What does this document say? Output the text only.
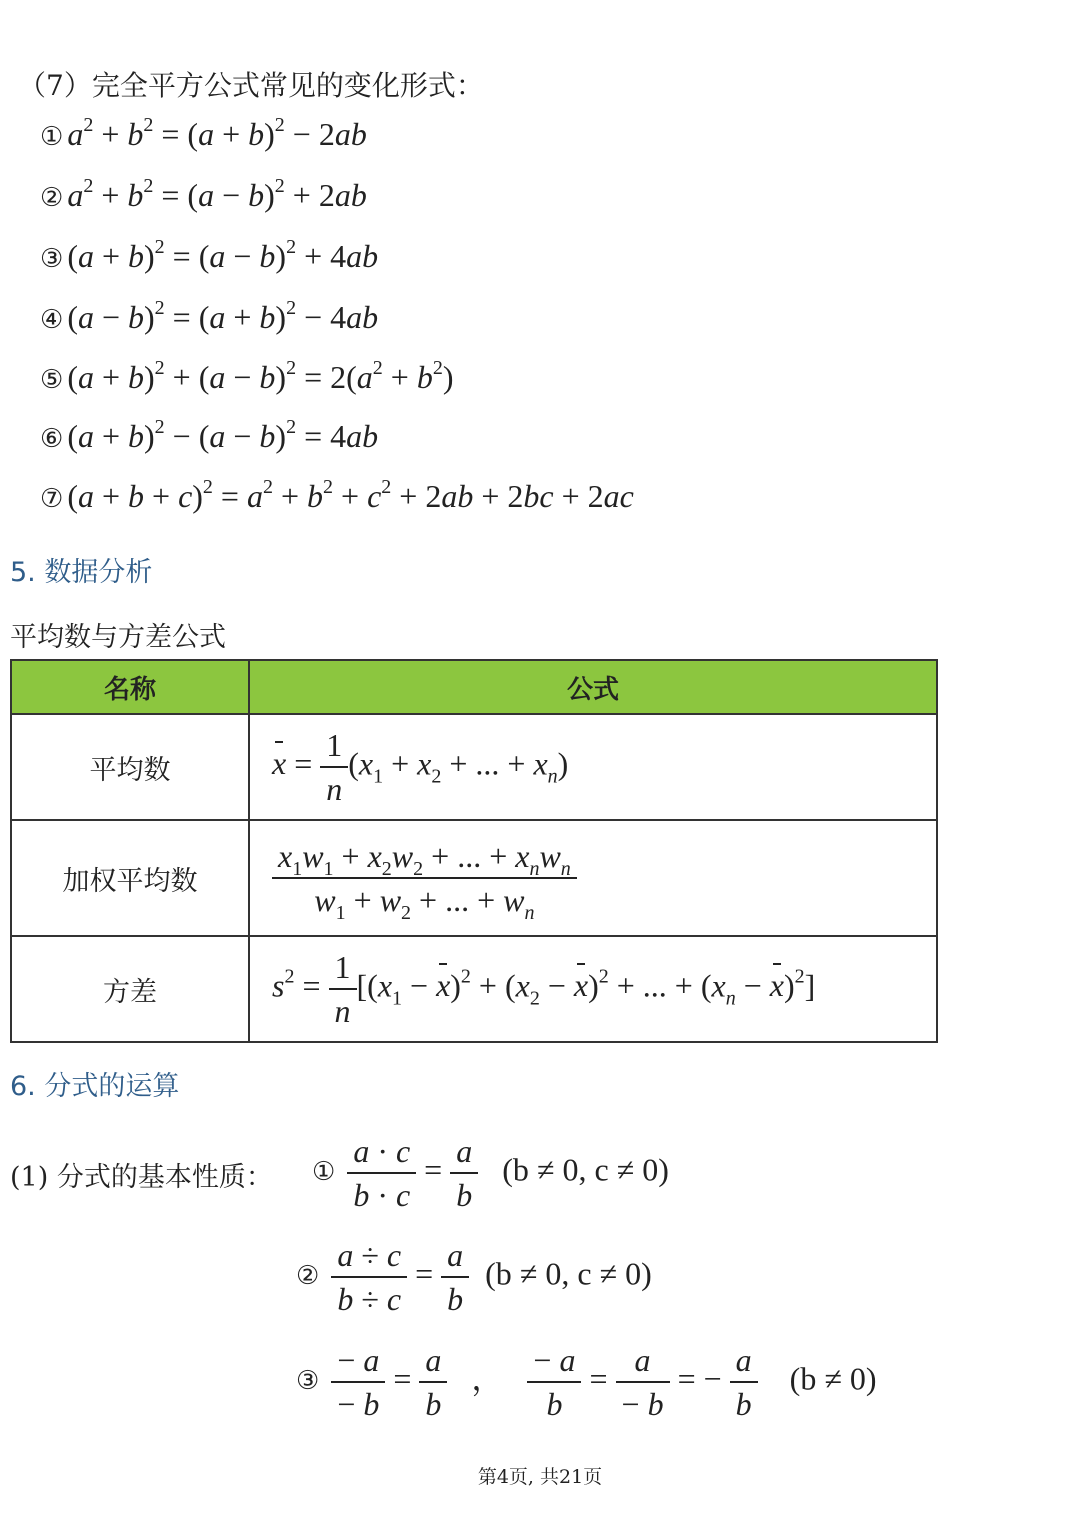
（7）完全平方公式常见的变化形式：
① $a^2 + b^2 = (a + b)^2 - 2ab$
② $a^2 + b^2 = (a - b)^2 + 2ab$
③ $(a + b)^2 = (a - b)^2 + 4ab$
④ $(a - b)^2 = (a + b)^2 - 4ab$
⑤ $(a + b)^2 + (a - b)^2 = 2(a^2 + b^2)$
⑥ $(a + b)^2 - (a - b)^2 = 4ab$
⑦ $(a + b + c)^2 = a^2 + b^2 + c^2 + 2ab + 2bc + 2ac$
5. 数据分析
平均数与方差公式
名称	公式
平均数	$x = \frac{1}{n} (x_1 + x_2$ + ... + $x_n$)

加权平均数	$\frac{x_1w_1 + x_2w_2 + ... + x_nw_n}{w_1 + w_2 + ... + w_n}$

方差	$s^2 = \frac{1}{n} [(x_1 - x)^2 + (x_2 - x)^2$ + ... + $(x_n - x)^2$]
6. 分式的运算
(1) 分式的基本性质： ① $\frac{a \cdot c}{b \cdot c} = \frac{a}{b} (b \ne 0$, c ≠ 0)
② $\frac{a \div c}{b \div c} = \frac{a}{b} (b \ne 0$, c ≠ 0)
③ $\frac{- a}{- b} = \frac{a}{b}$ ， $\frac{- a}{b} = \frac{a}{- b}$ = − $\frac{a}{b} (b \ne 0)$
第4页, 共21页
